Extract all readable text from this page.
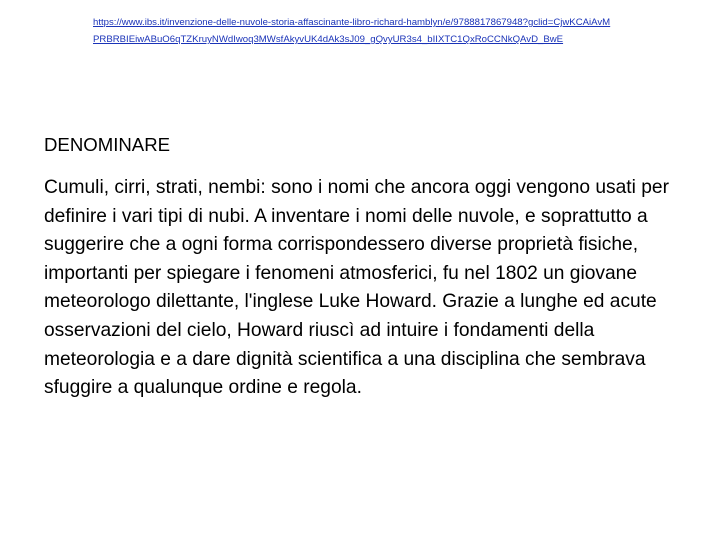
https://www.ibs.it/invenzione-delle-nuvole-storia-affascinante-libro-richard-hamblyn/e/9788817867948?gclid=CjwKCAiAvMPRBRBIEiwABuO6qTZKruyNWdIwoq3MWsfAkyvUK4dAk3sJ09_gQvyUR3s4_bIIXTC1QxRoCCNkQAvD_BwE
DENOMINARE

Cumuli, cirri, strati, nembi: sono i nomi che ancora oggi vengono usati per definire i vari tipi di nubi. A inventare i nomi delle nuvole, e soprattutto a suggerire che a ogni forma corrispondessero diverse proprietà fisiche, importanti per spiegare i fenomeni atmosferici, fu nel 1802 un giovane meteorologo dilettante, l'inglese Luke Howard. Grazie a lunghe ed acute osservazioni del cielo, Howard riuscì ad intuire i fondamenti della meteorologia e a dare dignità scientifica a una disciplina che sembrava sfuggire a qualunque ordine e regola.
